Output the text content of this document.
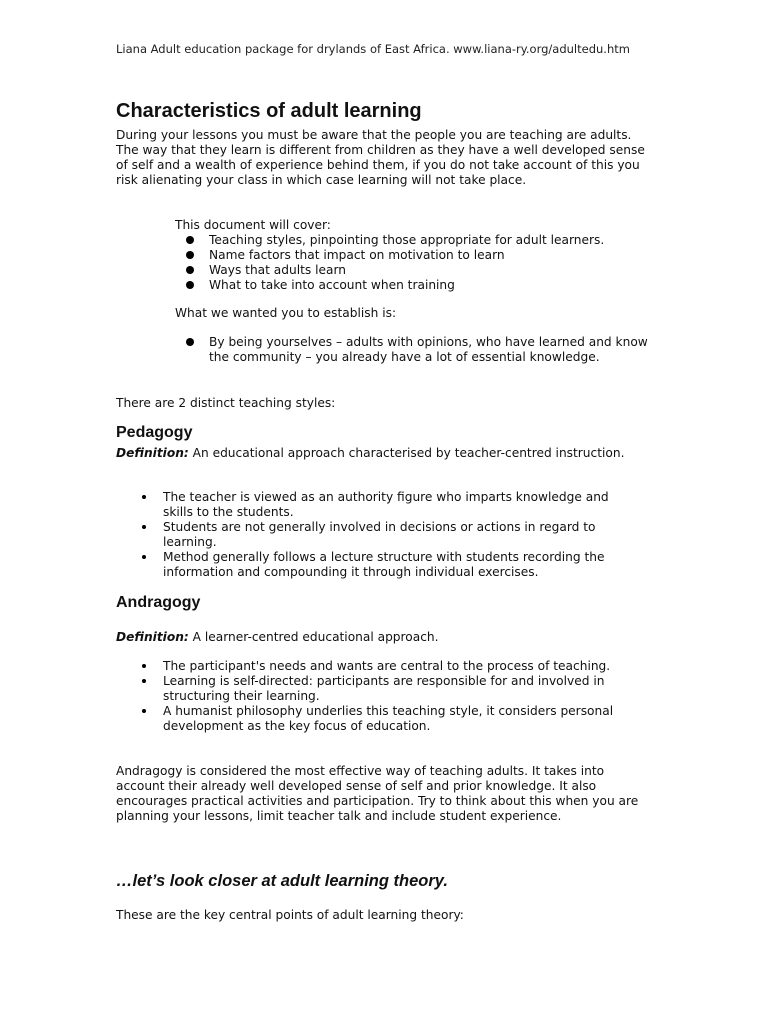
Liana Adult education package for drylands of East Africa. www.liana-ry.org/adultedu.htm
Characteristics of adult learning

During your lessons you must be aware that the people you are teaching are adults. The way that they learn is different from children as they have a well developed sense of self and a wealth of experience behind them, if you do not take account of this you risk alienating your class in which case learning will not take place.

This document will cover:

Teaching styles, pinpointing those appropriate for adult learners.
Name factors that impact on motivation to learn
Ways that adults learn
What to take into account when training

What we wanted you to establish is:

By being yourselves – adults with opinions, who have learned and know the community – you already have a lot of essential knowledge.

There are 2 distinct teaching styles:

Pedagogy

Definition: An educational approach characterised by teacher-centred instruction.

The teacher is viewed as an authority figure who imparts knowledge and skills to the students.
Students are not generally involved in decisions or actions in regard to learning.
Method generally follows a lecture structure with students recording the information and compounding it through individual exercises.
Andragogy

Definition: A learner-centred educational approach.

The participant's needs and wants are central to the process of teaching.
Learning is self-directed: participants are responsible for and involved in structuring their learning.
A humanist philosophy underlies this teaching style, it considers personal development as the key focus of education.

Andragogy is considered the most effective way of teaching adults. It takes into account their already well developed sense of self and prior knowledge. It also encourages practical activities and participation. Try to think about this when you are planning your lessons, limit teacher talk and include student experience.

…let’s look closer at adult learning theory.

These are the key central points of adult learning theory:
